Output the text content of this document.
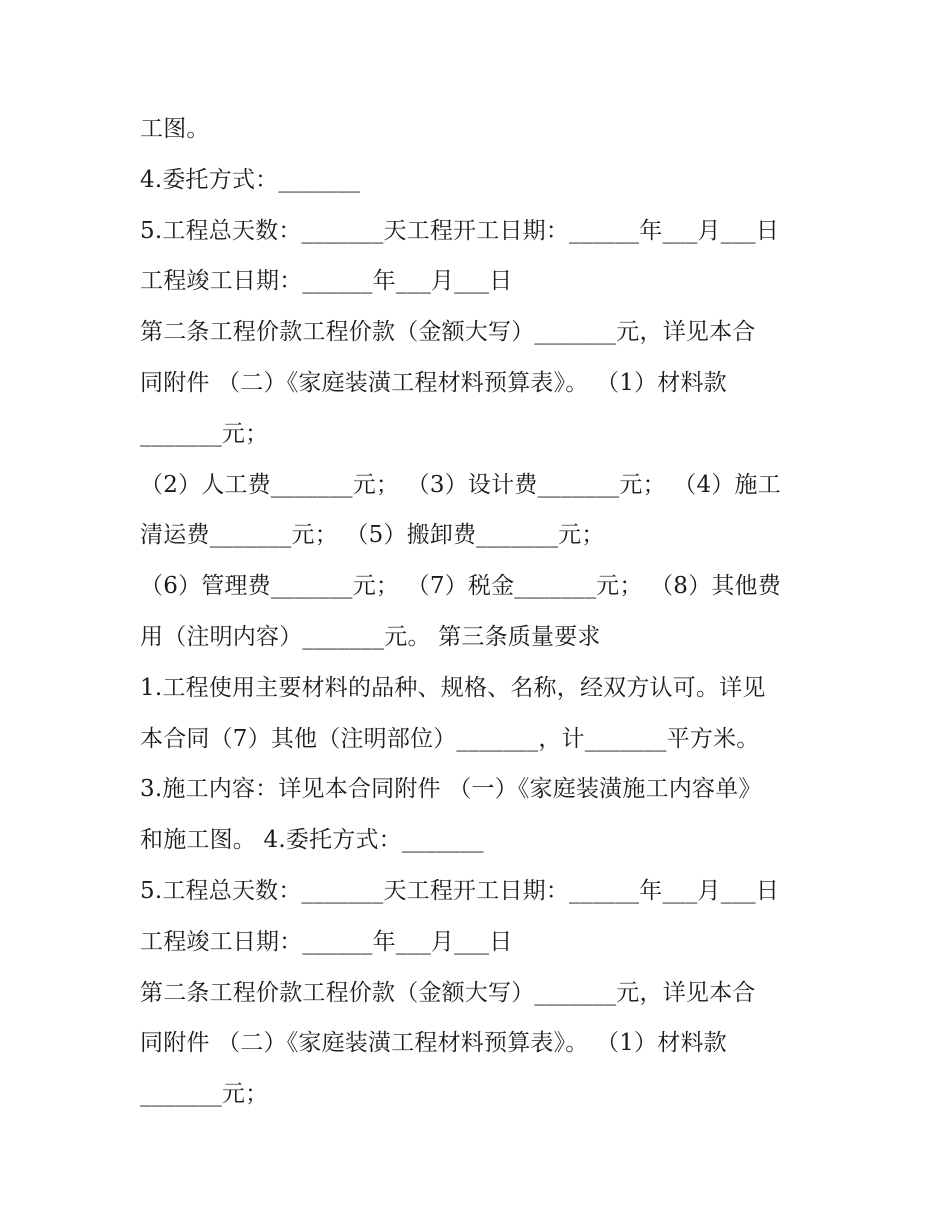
工图。
4.委托方式：_______
5.工程总天数：_______天工程开工日期：______年___月___日
工程竣工日期：______年___月___日
第二条工程价款工程价款（金额大写）_______元，详见本合
同附件 （二）《家庭装潢工程材料预算表》。 （1）材料款
_______元；
（2）人工费_______元； （3）设计费_______元； （4）施工
清运费_______元； （5）搬卸费_______元；
（6）管理费_______元； （7）税金_______元； （8）其他费
用（注明内容）_______元。 第三条质量要求
1.工程使用主要材料的品种、规格、名称，经双方认可。详见
本合同（7）其他（注明部位）_______，计_______平方米。
3.施工内容：详见本合同附件 （一）《家庭装潢施工内容单》
和施工图。 4.委托方式：_______
5.工程总天数：_______天工程开工日期：______年___月___日
工程竣工日期：______年___月___日
第二条工程价款工程价款（金额大写）_______元，详见本合
同附件 （二）《家庭装潢工程材料预算表》。 （1）材料款
_______元；
